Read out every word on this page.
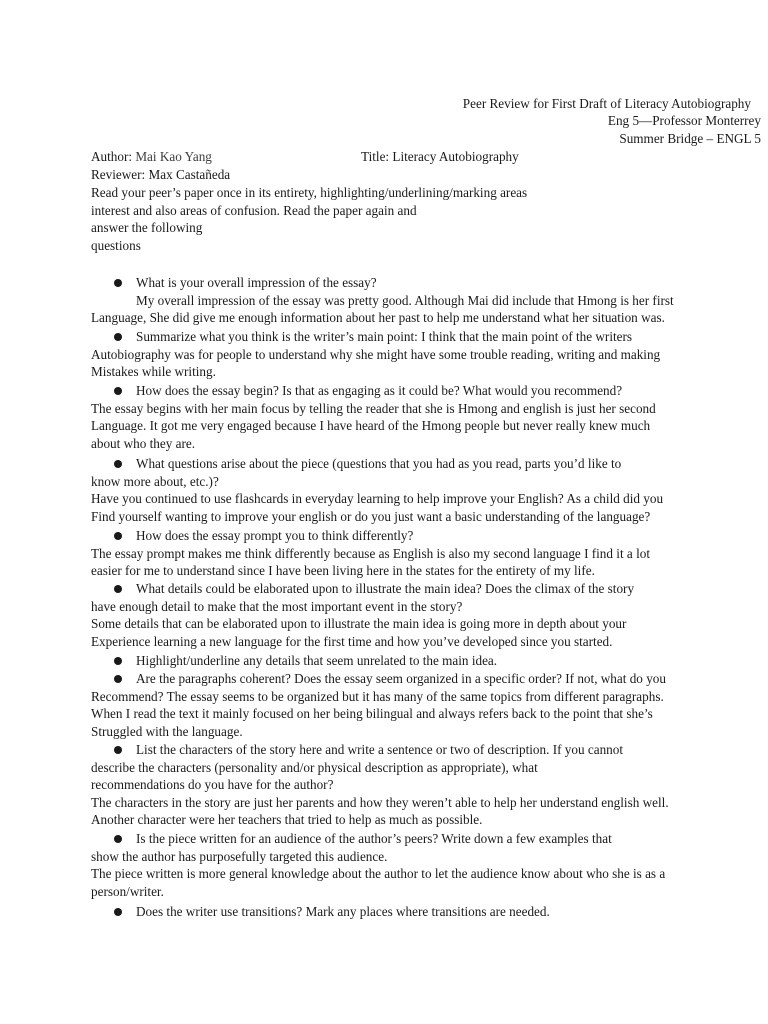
Peer Review for First Draft of Literacy Autobiography
Eng 5—Professor Monterrey
Summer Bridge – ENGL 5
Author: Mai Kao Yang	Title: Literacy Autobiography
Reviewer: Max Castañeda
Read your peer’s paper once in its entirety, highlighting/underlining/marking areas
interest and also areas of confusion. Read the paper again and
answer the following
questions
What is your overall impression of the essay?
My overall impression of the essay was pretty good. Although Mai did include that Hmong is her first
Language, She did give me enough information about her past to help me understand what her situation was.
Summarize what you think is the writer’s main point: I think that the main point of the writers
Autobiography was for people to understand why she might have some trouble reading, writing and making
Mistakes while writing.
How does the essay begin? Is that as engaging as it could be? What would you recommend?
The essay begins with her main focus by telling the reader that she is Hmong and english is just her second
Language. It got me very engaged because I have heard of the Hmong people but never really knew much
about who they are.
What questions arise about the piece (questions that you had as you read, parts you’d like to
know more about, etc.)?
Have you continued to use flashcards in everyday learning to help improve your English? As a child did you
Find yourself wanting to improve your english or do you just want a basic understanding of the language?
How does the essay prompt you to think differently?
The essay prompt makes me think differently because as English is also my second language I find it a lot
easier for me to understand since I have been living here in the states for the entirety of my life.
What details could be elaborated upon to illustrate the main idea? Does the climax of the story
have enough detail to make that the most important event in the story?
Some details that can be elaborated upon to illustrate the main idea is going more in depth about your
Experience learning a new language for the first time and how you’ve developed since you started.
Highlight/underline any details that seem unrelated to the main idea.
Are the paragraphs coherent? Does the essay seem organized in a specific order? If not, what do you
Recommend? The essay seems to be organized but it has many of the same topics from different paragraphs.
When I read the text it mainly focused on her being bilingual and always refers back to the point that she’s
Struggled with the language.
List the characters of the story here and write a sentence or two of description. If you cannot
describe the characters (personality and/or physical description as appropriate), what
recommendations do you have for the author?
The characters in the story are just her parents and how they weren’t able to help her understand english well.
Another character were her teachers that tried to help as much as possible.
Is the piece written for an audience of the author’s peers? Write down a few examples that
show the author has purposefully targeted this audience.
The piece written is more general knowledge about the author to let the audience know about who she is as a
person/writer.
Does the writer use transitions? Mark any places where transitions are needed.
